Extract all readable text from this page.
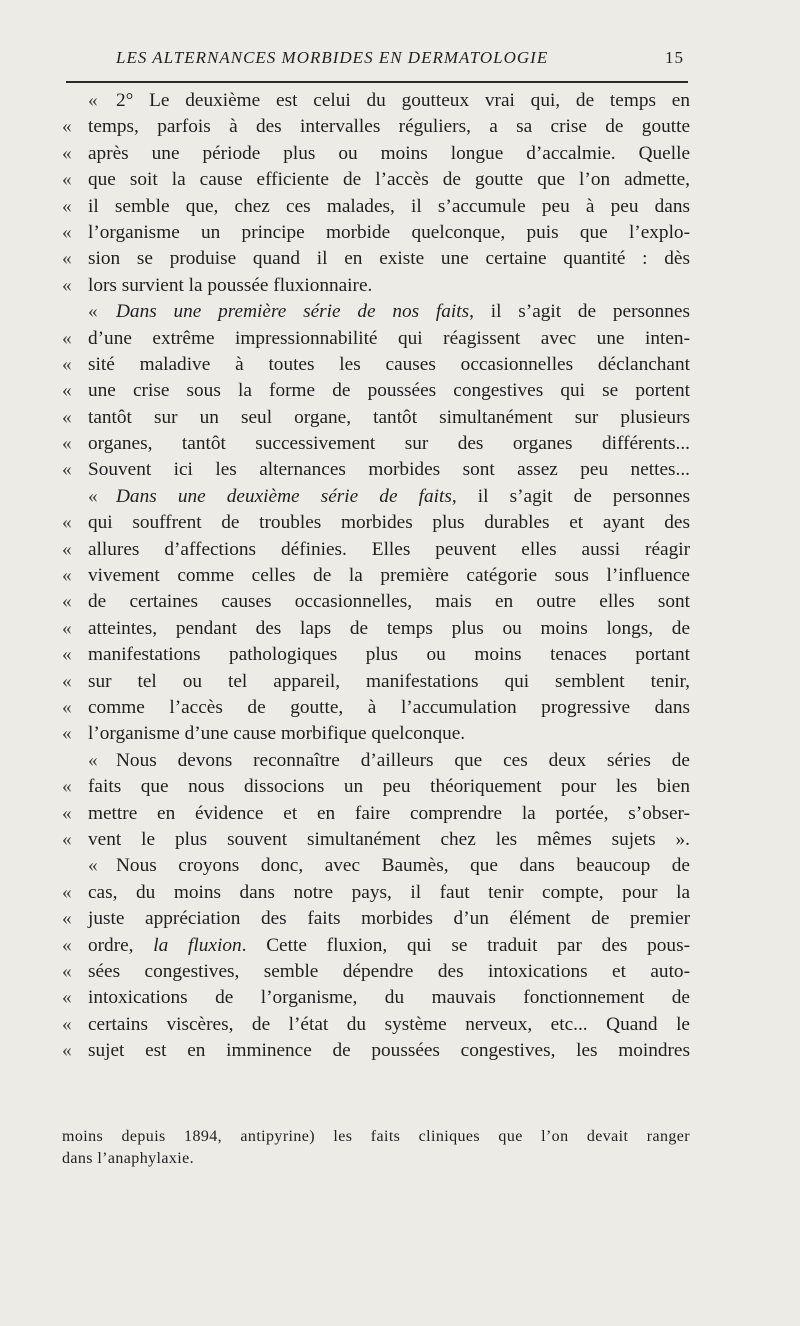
LES ALTERNANCES MORBIDES EN DERMATOLOGIE	15
« 2° Le deuxième est celui du goutteux vrai qui, de temps en
« temps, parfois à des intervalles réguliers, a sa crise de goutte
« après une période plus ou moins longue d’accalmie. Quelle
« que soit la cause efficiente de l’accès de goutte que l’on admette,
« il semble que, chez ces malades, il s’accumule peu à peu dans
« l’organisme un principe morbide quelconque, puis que l’explo-
« sion se produise quand il en existe une certaine quantité : dès
« lors survient la poussée fluxionnaire.
« Dans une première série de nos faits, il s’agit de personnes
« d’une extrême impressionnabilité qui réagissent avec une inten-
« sité maladive à toutes les causes occasionnelles déclanchant
« une crise sous la forme de poussées congestives qui se portent
« tantôt sur un seul organe, tantôt simultanément sur plusieurs
« organes, tantôt successivement sur des organes différents...
« Souvent ici les alternances morbides sont assez peu nettes...
« Dans une deuxième série de faits, il s’agit de personnes
« qui souffrent de troubles morbides plus durables et ayant des
« allures d’affections définies. Elles peuvent elles aussi réagir
« vivement comme celles de la première catégorie sous l’influence
« de certaines causes occasionnelles, mais en outre elles sont
« atteintes, pendant des laps de temps plus ou moins longs, de
« manifestations pathologiques plus ou moins tenaces portant
« sur tel ou tel appareil, manifestations qui semblent tenir,
« comme l’accès de goutte, à l’accumulation progressive dans
« l’organisme d’une cause morbifique quelconque.
« Nous devons reconnaître d’ailleurs que ces deux séries de
« faits que nous dissocions un peu théoriquement pour les bien
« mettre en évidence et en faire comprendre la portée, s’obser-
« vent le plus souvent simultanément chez les mêmes sujets ».
« Nous croyons donc, avec Baumès, que dans beaucoup de
« cas, du moins dans notre pays, il faut tenir compte, pour la
« juste appréciation des faits morbides d’un élément de premier
« ordre, la fluxion. Cette fluxion, qui se traduit par des pous-
« sées congestives, semble dépendre des intoxications et auto-
« intoxications de l’organisme, du mauvais fonctionnement de
« certains viscères, de l’état du système nerveux, etc... Quand le
« sujet est en imminence de poussées congestives, les moindres
moins depuis 1894, antipyrine) les faits cliniques que l’on devait ranger
dans l’anaphylaxie.
